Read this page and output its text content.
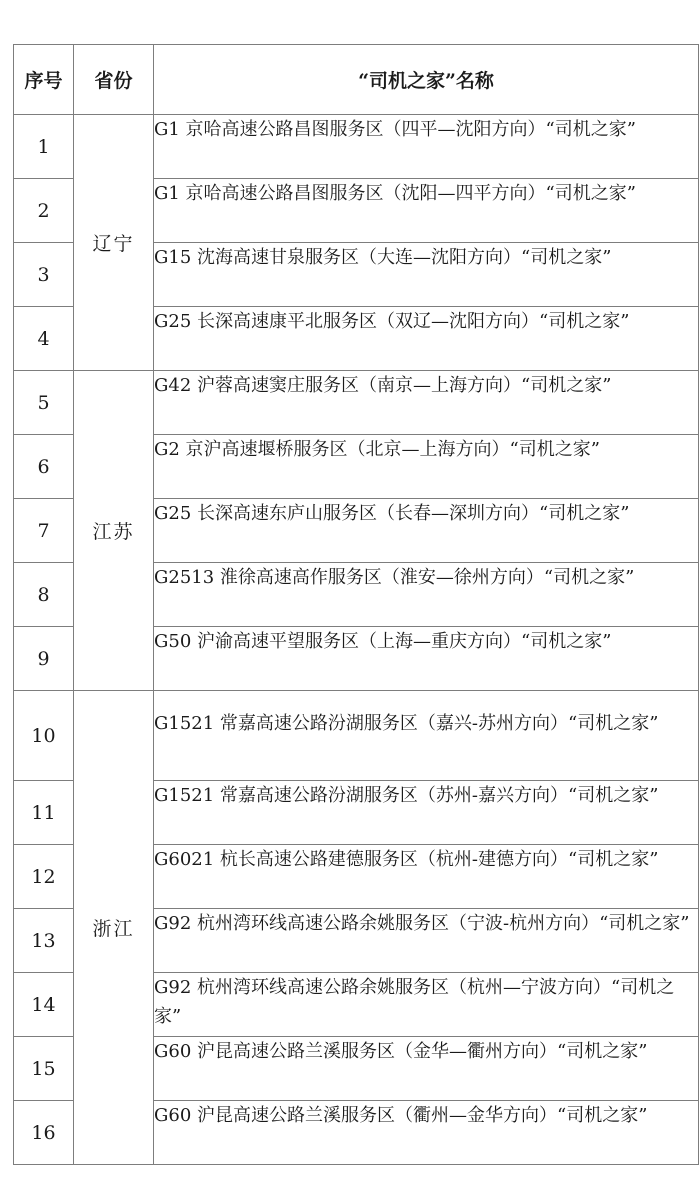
序号	省份	“司机之家”名称
1	辽宁	G1 京哈高速公路昌图服务区（四平—沈阳方向）“司机之家”
2		G1 京哈高速公路昌图服务区（沈阳—四平方向）“司机之家”
3		G15 沈海高速甘泉服务区（大连—沈阳方向）“司机之家”
4		G25 长深高速康平北服务区（双辽—沈阳方向）“司机之家”
5	江苏	G42 沪蓉高速窦庄服务区（南京—上海方向）“司机之家”
6		G2 京沪高速堰桥服务区（北京—上海方向）“司机之家”
7		G25 长深高速东庐山服务区（长春—深圳方向）“司机之家”
8		G2513 淮徐高速高作服务区（淮安—徐州方向）“司机之家”
9		G50 沪渝高速平望服务区（上海—重庆方向）“司机之家”
10	浙江	G1521 常嘉高速公路汾湖服务区（嘉兴-苏州方向）“司机之家”
11		G1521 常嘉高速公路汾湖服务区（苏州-嘉兴方向）“司机之家”
12		G6021 杭长高速公路建德服务区（杭州-建德方向）“司机之家”
13		G92 杭州湾环线高速公路余姚服务区（宁波-杭州方向）“司机之家”
14		G92 杭州湾环线高速公路余姚服务区（杭州—宁波方向）“司机之家”
15		G60 沪昆高速公路兰溪服务区（金华—衢州方向）“司机之家”
16		G60 沪昆高速公路兰溪服务区（衢州—金华方向）“司机之家”
